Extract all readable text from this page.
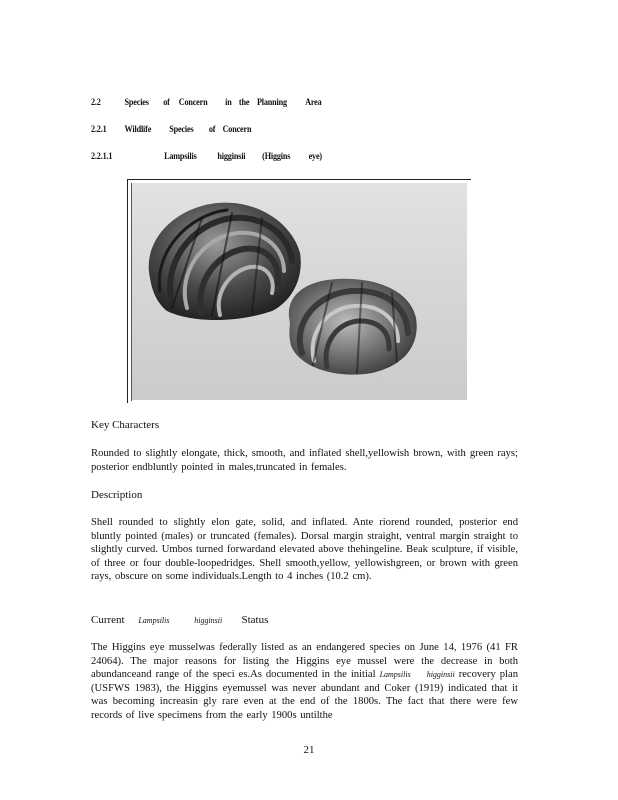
2.2	Species of Concern in the Planning Area
2.2.1 Wildlife Species of Concern
2.2.1.1	Lampsilis higginsii (Higgins eye)
Key Characters

Rounded to slightly elongate, thick, smooth, and inflated shell,yellowish brown, with green rays; posterior endbluntly pointed in males,truncated in females.

Description

Shell rounded to slightly elon gate, solid, and inflated. Ante riorend rounded, posterior end bluntly pointed (males) or truncated (females). Dorsal margin straight, ventral margin straight to slightly curved. Umbos turned forwardand elevated above thehingeline. Beak sculpture, if visible, of three or four double-loopedridges. Shell smooth,yellow, yellowishgreen, or brown with green rays, obscure on some individuals.Length to 4 inches (10.2 cm).

Current Lampsilis	higginsii Status

The Higgins eye musselwas federally listed as an endangered species on June 14, 1976 (41 FR 24064). The major reasons for listing the Higgins eye mussel were the decrease in both abundanceand range of the speci es.As documented in the initial Lampsilis higginsii recovery plan (USFWS 1983), the Higgins eyemussel was never abundant and Coker (1919) indicated that it was becoming increasin gly rare even at the end of the 1800s. The fact that there were few records of live specimens from the early 1900s untilthe

21
